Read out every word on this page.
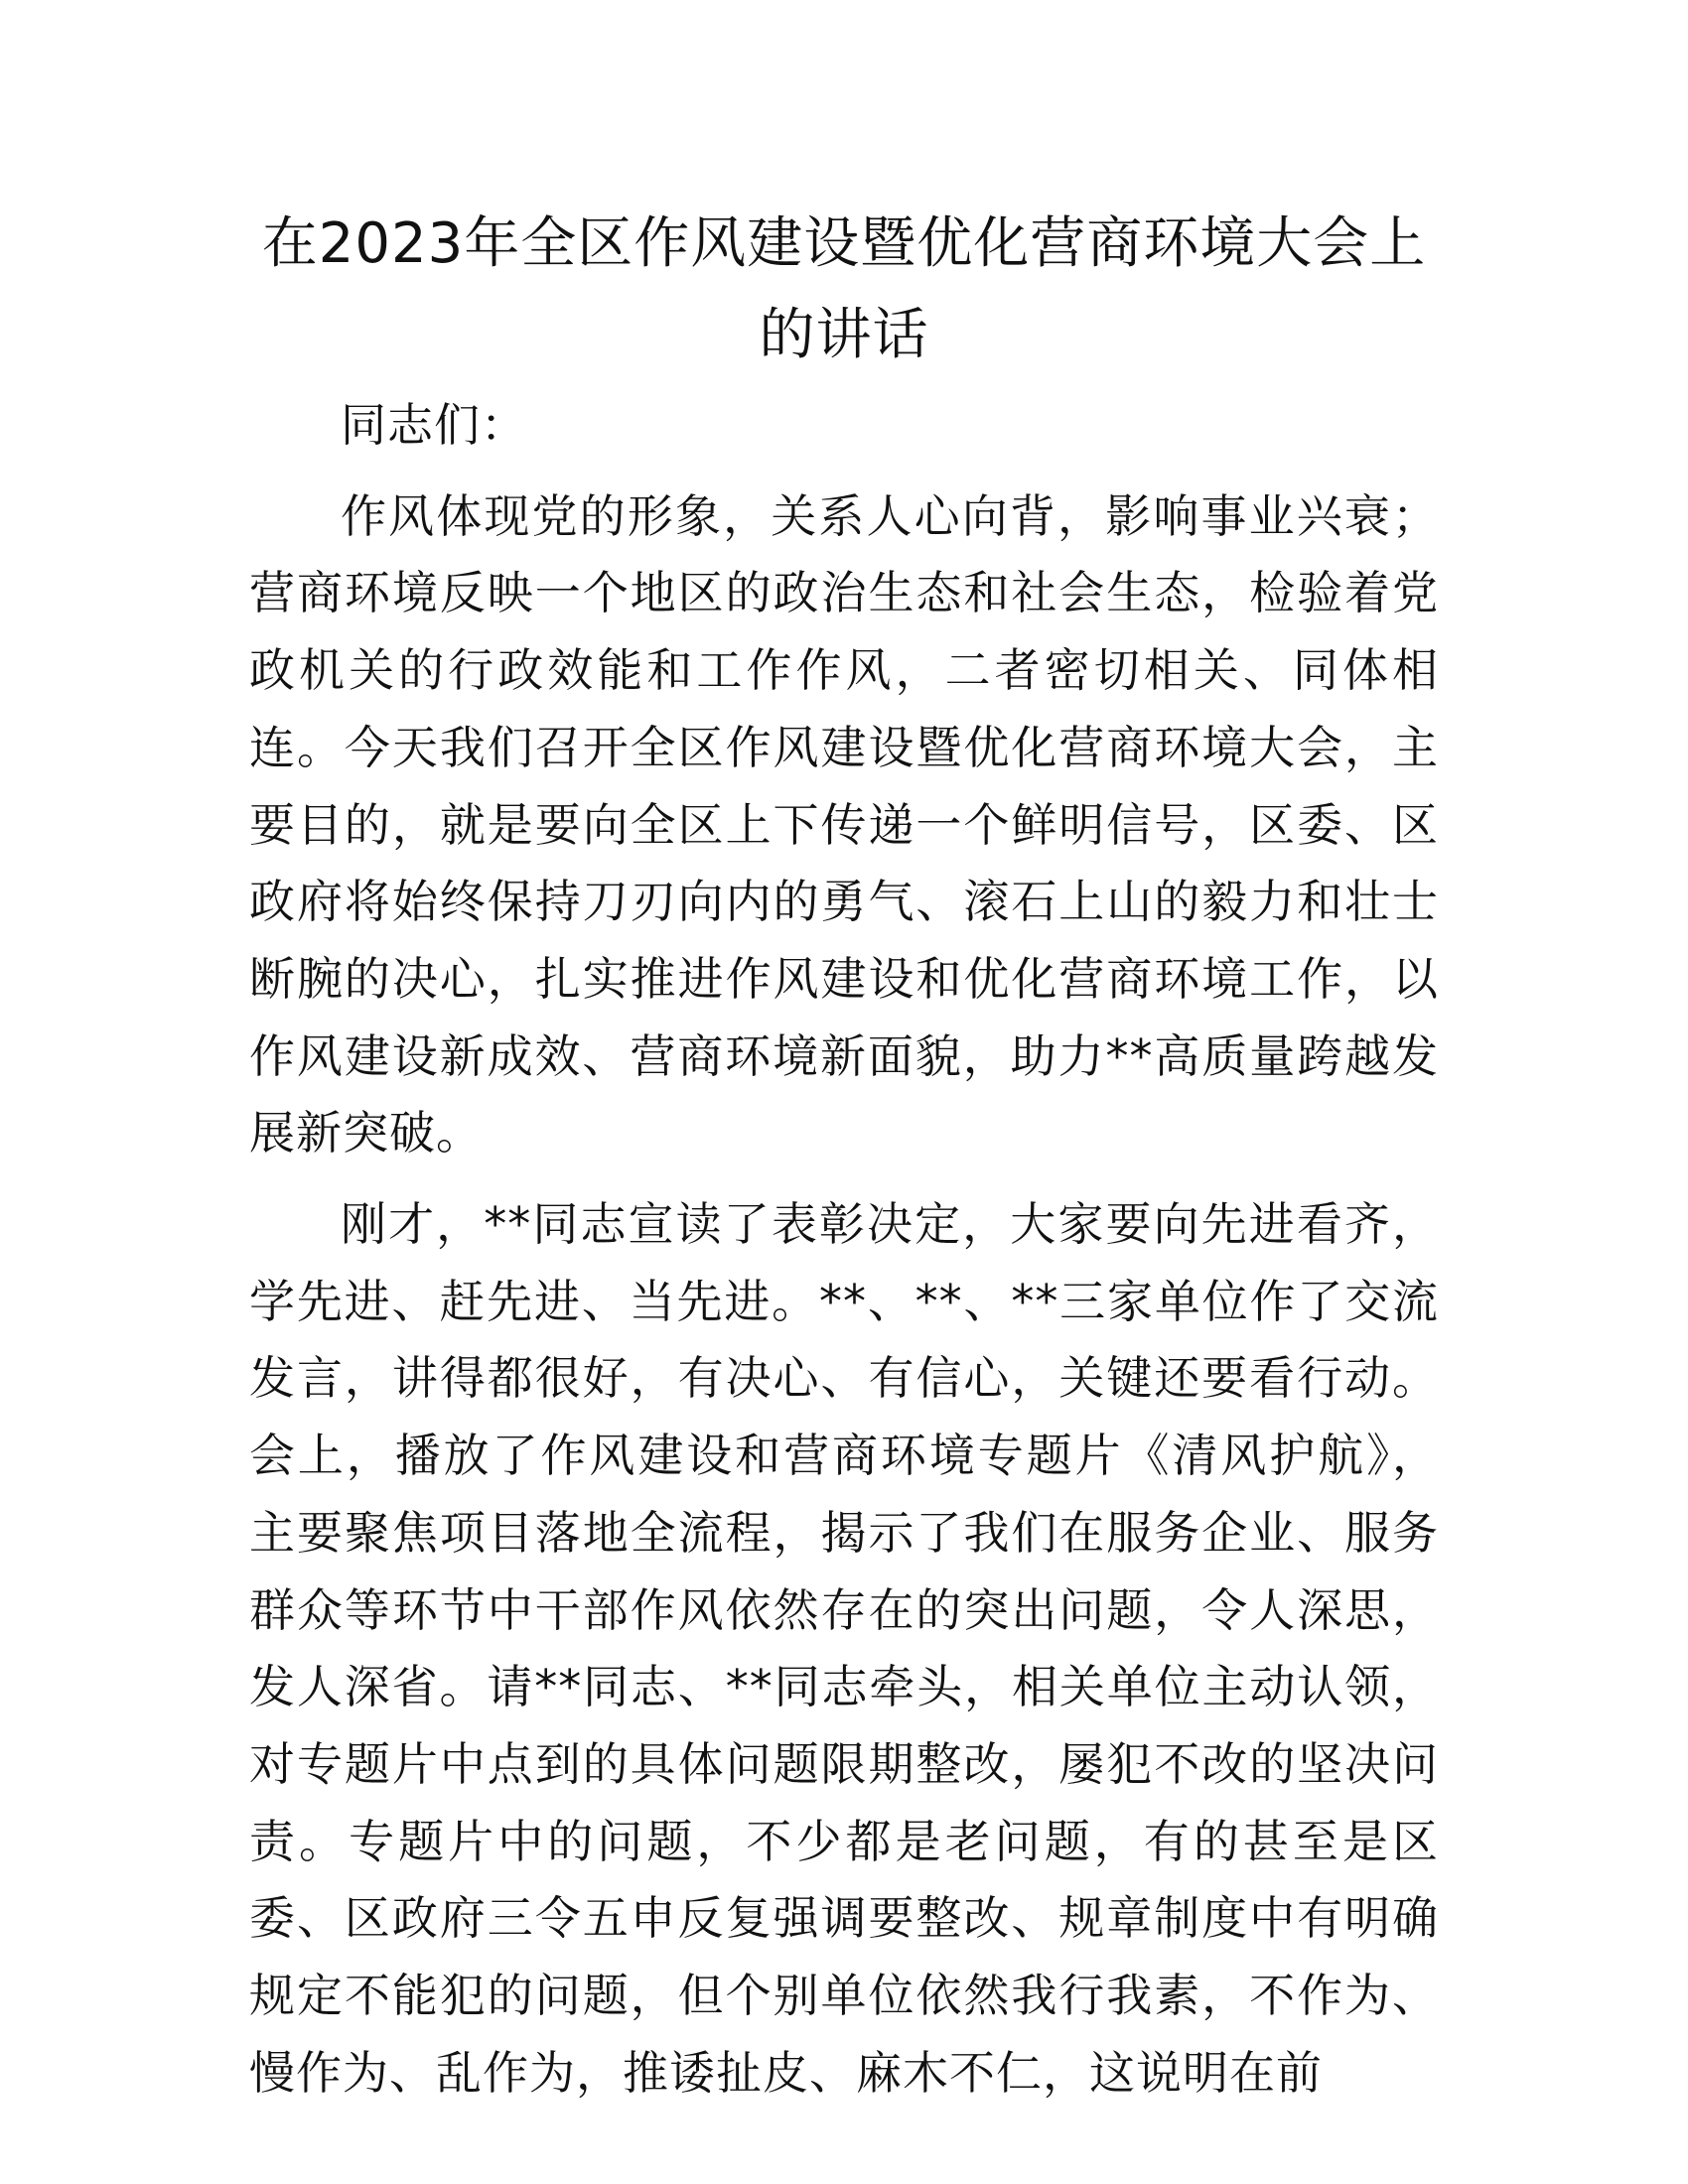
在2023年全区作风建设暨优化营商环境大会上的讲话

同志们：

作风体现党的形象，关系人心向背，影响事业兴衰；营商环境反映一个地区的政治生态和社会生态，检验着党政机关的行政效能和工作作风，二者密切相关、同体相连。今天我们召开全区作风建设暨优化营商环境大会，主要目的，就是要向全区上下传递一个鲜明信号，区委、区政府将始终保持刀刃向内的勇气、滚石上山的毅力和壮士断腕的决心，扎实推进作风建设和优化营商环境工作，以作风建设新成效、营商环境新面貌，助力**高质量跨越发展新突破。

刚才，**同志宣读了表彰决定，大家要向先进看齐，学先进、赶先进、当先进。**、**、**三家单位作了交流发言，讲得都很好，有决心、有信心，关键还要看行动。会上，播放了作风建设和营商环境专题片《清风护航》，主要聚焦项目落地全流程，揭示了我们在服务企业、服务群众等环节中干部作风依然存在的突出问题，令人深思，发人深省。请**同志、**同志牵头，相关单位主动认领，对专题片中点到的具体问题限期整改，屡犯不改的坚决问责。专题片中的问题，不少都是老问题，有的甚至是区委、区政府三令五申反复强调要整改、规章制度中有明确规定不能犯的问题，但个别单位依然我行我素，不作为、慢作为、乱作为，推诿扯皮、麻木不仁，这说明在前
